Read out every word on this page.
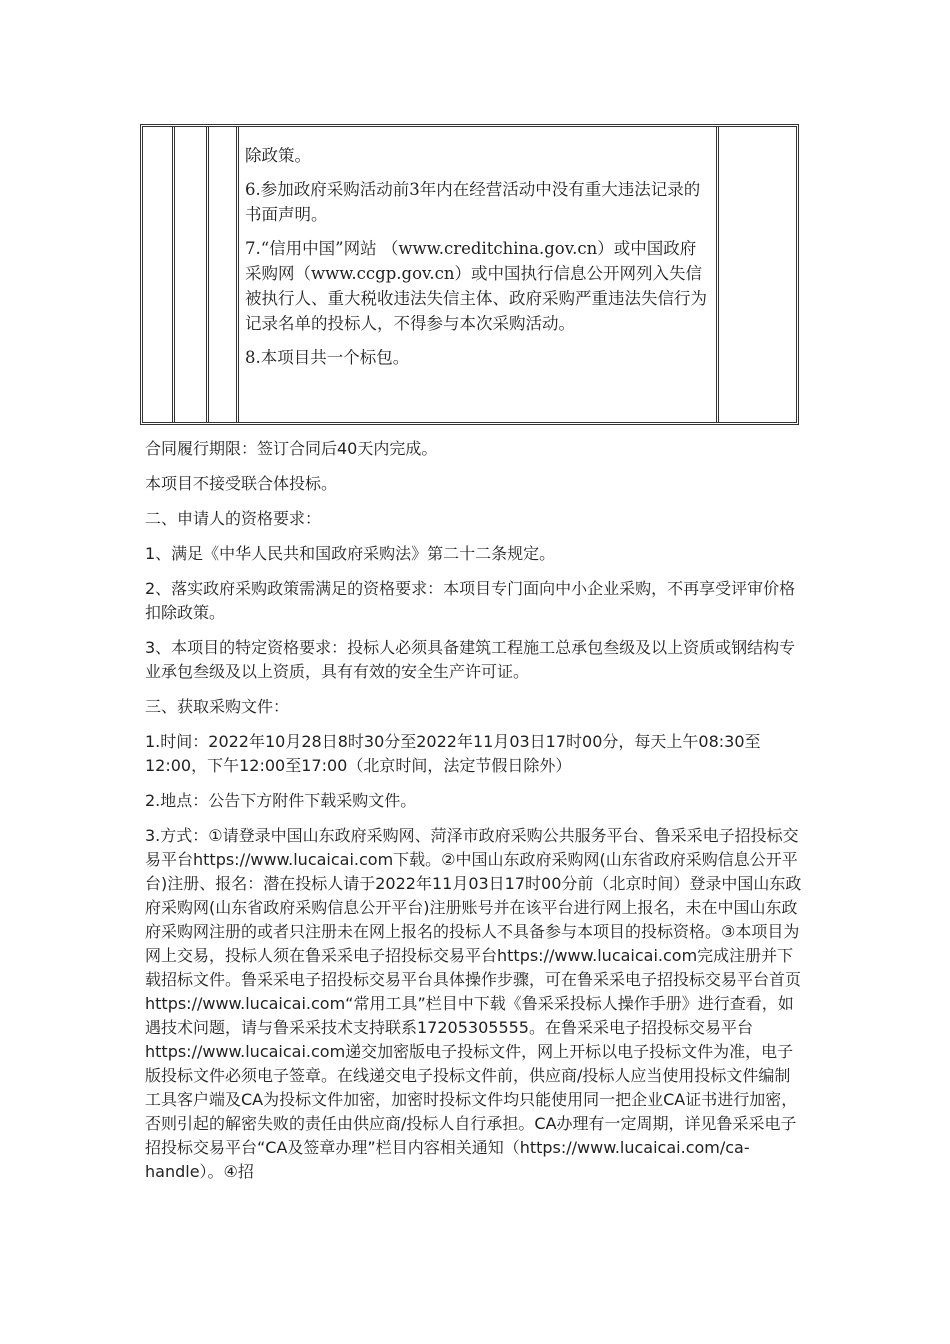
除政策。

6.参加政府采购活动前3年内在经营活动中没有重大违法记录的书面声明。

7.“信用中国”网站 （www.creditchina.gov.cn）或中国政府采购网（www.ccgp.gov.cn）或中国执行信息公开网列入失信被执行人、重大税收违法失信主体、政府采购严重违法失信行为记录名单的投标人，不得参与本次采购活动。

8.本项目共一个标包。

合同履行期限：签订合同后40天内完成。

本项目不接受联合体投标。

二、申请人的资格要求：

1、满足《中华人民共和国政府采购法》第二十二条规定。

2、落实政府采购政策需满足的资格要求：本项目专门面向中小企业采购，不再享受评审价格扣除政策。

3、本项目的特定资格要求：投标人必须具备建筑工程施工总承包叁级及以上资质或钢结构专业承包叁级及以上资质，具有有效的安全生产许可证。

三、获取采购文件：

1.时间：2022年10月28日8时30分至2022年11月03日17时00分，每天上午08:30至12:00，下午12:00至17:00（北京时间，法定节假日除外）

2.地点：公告下方附件下载采购文件。

3.方式：①请登录中国山东政府采购网、菏泽市政府采购公共服务平台、鲁采采电子招投标交易平台https://www.lucaicai.com下载。②中国山东政府采购网(山东省政府采购信息公开平台)注册、报名：潜在投标人请于2022年11月03日17时00分前（北京时间）登录中国山东政府采购网(山东省政府采购信息公开平台)注册账号并在该平台进行网上报名，未在中国山东政府采购网注册的或者只注册未在网上报名的投标人不具备参与本项目的投标资格。③本项目为网上交易，投标人须在鲁采采电子招投标交易平台https://www.lucaicai.com完成注册并下载招标文件。鲁采采电子招投标交易平台具体操作步骤，可在鲁采采电子招投标交易平台首页https://www.lucaicai.com“常用工具”栏目中下载《鲁采采投标人操作手册》进行查看，如遇技术问题，请与鲁采采技术支持联系17205305555。在鲁采采电子招投标交易平台https://www.lucaicai.com递交加密版电子投标文件，网上开标以电子投标文件为准，电子版投标文件必须电子签章。在线递交电子投标文件前，供应商/投标人应当使用投标文件编制工具客户端及CA为投标文件加密，加密时投标文件均只能使用同一把企业CA证书进行加密，否则引起的解密失败的责任由供应商/投标人自行承担。CA办理有一定周期，详见鲁采采电子招投标交易平台“CA及签章办理”栏目内容相关通知（https://www.lucaicai.com/ca-handle）。④招
